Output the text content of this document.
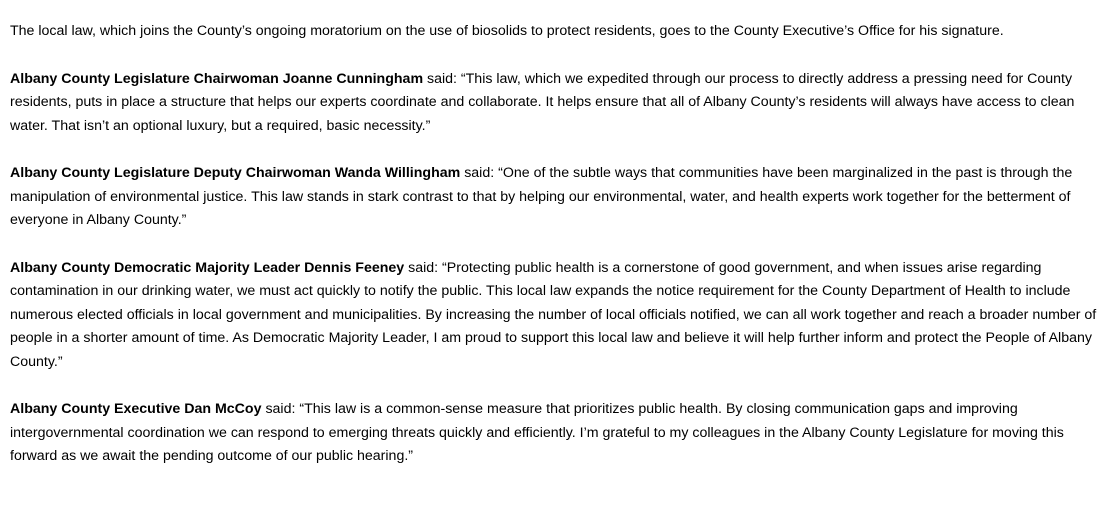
The local law, which joins the County’s ongoing moratorium on the use of biosolids to protect residents, goes to the County Executive’s Office for his signature.

Albany County Legislature Chairwoman Joanne Cunningham said: “This law, which we expedited through our process to directly address a pressing need for County residents, puts in place a structure that helps our experts coordinate and collaborate. It helps ensure that all of Albany County’s residents will always have access to clean water. That isn’t an optional luxury, but a required, basic necessity.”

Albany County Legislature Deputy Chairwoman Wanda Willingham said: “One of the subtle ways that communities have been marginalized in the past is through the manipulation of environmental justice. This law stands in stark contrast to that by helping our environmental, water, and health experts work together for the betterment of everyone in Albany County.”

Albany County Democratic Majority Leader Dennis Feeney said: “Protecting public health is a cornerstone of good government, and when issues arise regarding contamination in our drinking water, we must act quickly to notify the public. This local law expands the notice requirement for the County Department of Health to include numerous elected officials in local government and municipalities. By increasing the number of local officials notified, we can all work together and reach a broader number of people in a shorter amount of time. As Democratic Majority Leader, I am proud to support this local law and believe it will help further inform and protect the People of Albany County.”

Albany County Executive Dan McCoy said: “This law is a common-sense measure that prioritizes public health. By closing communication gaps and improving intergovernmental coordination we can respond to emerging threats quickly and efficiently. I’m grateful to my colleagues in the Albany County Legislature for moving this forward as we await the pending outcome of our public hearing.”
